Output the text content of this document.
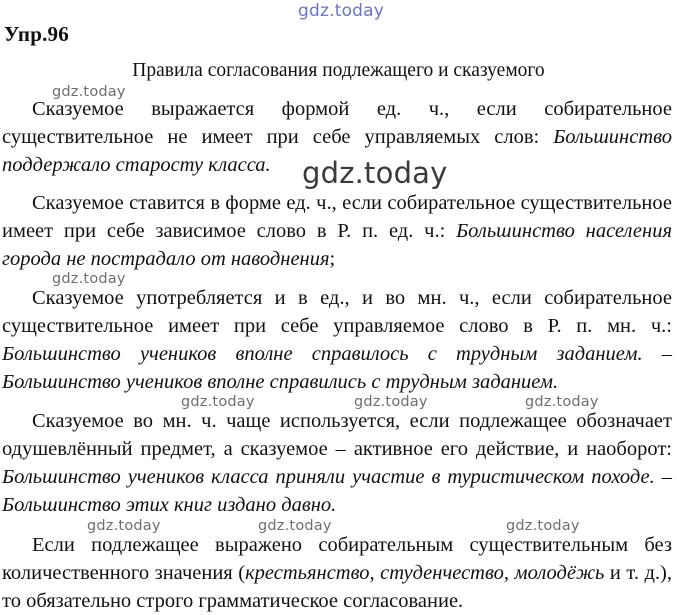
gdz.today
Упр.96
Правила согласования подлежащего и сказуемого
gdz.today
Сказуемое выражается формой ед. ч., если собирательное существительное не имеет при себе управляемых слов: Большинство поддержало старосту класса.	gdz.today
Сказуемое ставится в форме ед. ч., если собирательное существительное имеет при себе зависимое слово в Р. п. ед. ч.: Большинство населения города не пострадало от наводнения;
gdz.today
Сказуемое употребляется и в ед., и во мн. ч., если собирательное существительное имеет при себе управляемое слово в Р. п. мн. ч.: Большинство учеников вполне справилось с трудным заданием. – Большинство учеников вполне справились с трудным заданием.
gdz.today	gdz.today	gdz.today
Сказуемое во мн. ч. чаще используется, если подлежащее обозначает одушевлённый предмет, а сказуемое – активное его действие, и наоборот: Большинство учеников класса приняли участие в туристическом походе. – Большинство этих книг издано давно.
gdz.today	gdz.today	gdz.today
Если подлежащее выражено собирательным существительным без количественного значения (крестьянство, студенчество, молодёжь и т. д.), то обязательно строго грамматическое согласование.
